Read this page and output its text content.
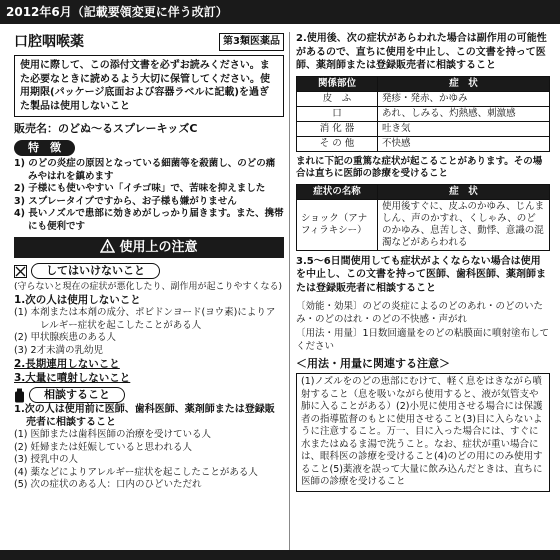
2012年6月（記載要領変更に伴う改訂）
口腔咽喉薬	第3類医薬品
使用に際して、この添付文書を必ずお読みください。また必要なときに読めるよう大切に保管してください。使用期限(パッケージ底面および容器ラベルに記載)を過ぎた製品は使用しないこと
販売名：のどぬ～るスプレーキッズC
特　徴
1) のどの炎症の原因となっている細菌等を殺菌し、のどの痛みやはれを鎮めます
2) 子様にも使いやすい「イチゴ味」で、苦味を抑えました
3) スプレータイプですから、お子様も嫌がりません
4) 長いノズルで患部に効きめがしっかり届きます。また、携帯にも便利です
使用上の注意
してはいけないこと
(守らないと現在の症状が悪化したり、副作用が起こりやすくなる)
1.次の人は使用しないこと
(1) 本剤または本剤の成分、ポビドンヨード(ヨウ素)によりアレルギー症状を起こしたことがある人
(2) 甲状腺疾患のある人
(3) 2才未満の乳幼児
2.長期連用しないこと
3.大量に噴射しないこと
相談すること
1.次の人は使用前に医師、歯科医師、薬剤師または登録販売者に相談すること
(1) 医師または歯科医師の治療を受けている人
(2) 妊婦または妊娠していると思われる人
(3) 授乳中の人
(4) 薬などによりアレルギー症状を起こしたことがある人
(5) 次の症状のある人：口内のひどいただれ
2.使用後、次の症状があらわれた場合は副作用の可能性があるので、直ちに使用を中止し、この文書を持って医師、薬剤師または登録販売者に相談すること
関係部位	症　状
皮　ふ	発疹・発赤、かゆみ
口	あれ、しみる、灼熱感、刺激感
消 化 器	吐き気
そ の 他	不快感
まれに下記の重篤な症状が起こることがあります。その場合は直ちに医師の診療を受けること
症状の名称	症　状
ショック（アナフィラキシー）	使用後すぐに、皮ふのかゆみ、じんましん、声のかすれ、くしゃみ、のどのかゆみ、息苦しさ、動悸、意識の混濁などがあらわれる
3.5～6日間使用しても症状がよくならない場合は使用を中止し、この文書を持って医師、歯科医師、薬剤師または登録販売者に相談すること
〔効能・効果〕のどの炎症によるのどのあれ・のどのいたみ・のどのはれ・のどの不快感・声がれ
〔用法・用量〕1日数回適量をのどの粘膜面に噴射塗布してください
＜用法・用量に関連する注意＞
(1)ノズルをのどの患部にむけて、軽く息をはきながら噴射すること（息を吸いながら使用すると、液が気管支や肺に入ることがある）(2)小児に使用させる場合には保護者の指導監督のもとに使用させること(3)目に入らないように注意すること。万一、目に入った場合には、すぐに水またはぬるま湯で洗うこと。なお、症状が重い場合には、眼科医の診療を受けること(4)のどの用にのみ使用すること(5)薬液を誤って大量に飲み込んだときは、直ちに医師の診療を受けること
